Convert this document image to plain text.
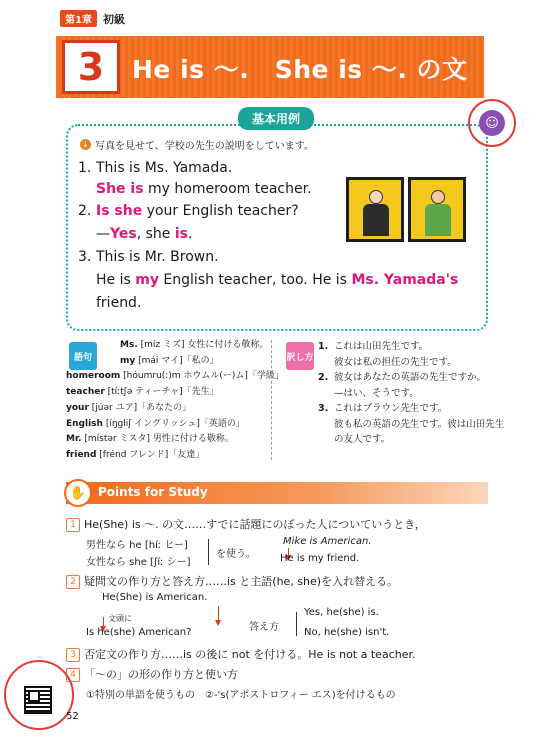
第1章	初級
3	He is ～.　She is ～. の文
基本用例	☺
↓ 写真を見せて、学校の先生の説明をしています。
1. This is Ms. Yamada.
She is my homeroom teacher.
2. Is she your English teacher?
—Yes, she is.
3. This is Mr. Brown.
He is my English teacher, too. He is Ms. Yamada's
friend.
語句
Ms. [míz ミズ] 女性に付ける敬称。
my [mái マイ]「私の」
homeroom [hóumru(ː)m ホウムル(ー)ム]「学級」
teacher [tíːtʃə ティーチャ]「先生」
your [júər ユア]「あなたの」
English [íŋgliʃ イングリッシュ]「英語の」
Mr. [místər ミスタ] 男性に付ける敬称。
friend [frénd フレンド]「友達」
訳し方
1. これは山田先生です。
彼女は私の担任の先生です。
2. 彼女はあなたの英語の先生ですか。
—はい、そうです。
3. これはブラウン先生です。
彼も私の英語の先生です。彼は山田先生
の友人です。
✋ Points for Study
1 He(She) is ～. の文……すでに話題にのぼった人についていうとき，
男性なら he [híː ヒー]
女性なら she [ʃíː シー]
を使う。
Mike is American.
He is my friend.
2 疑問文の作り方と答え方……is と主語(he, she)を入れ替える。
He(She) is American.
文頭に
Is he(she) American?	答え方
Yes, he(she) is.
No, he(she) isn't.
3 否定文の作り方……is の後に not を付ける。He is not a teacher.
4 「～の」の形の作り方と使い方
①特別の単語を使うもの　②-'s(アポストロフィー エス)を付けるもの
52
